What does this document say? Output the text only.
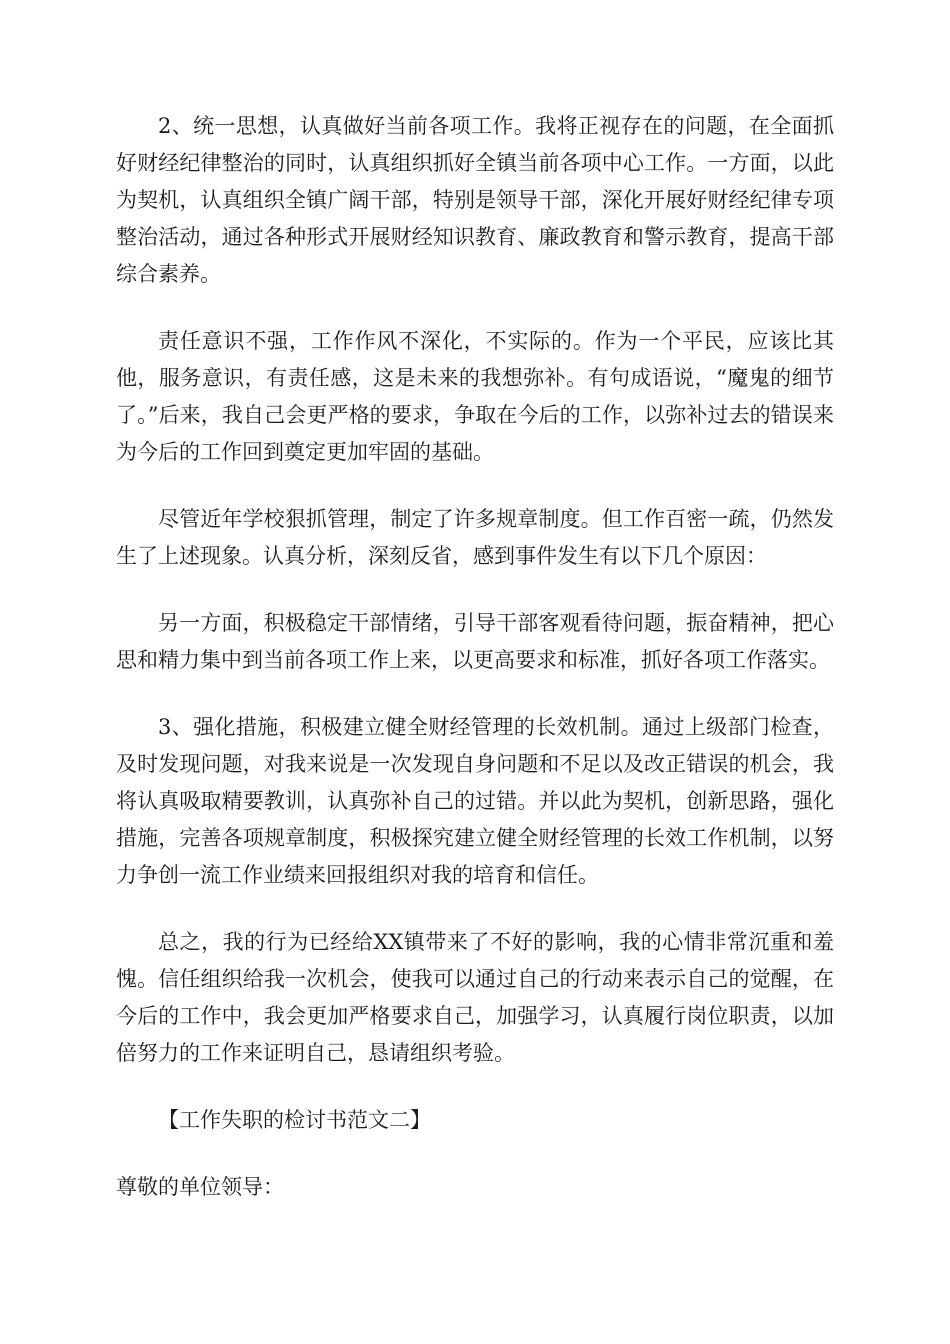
2、统一思想，认真做好当前各项工作。我将正视存在的问题，在全面抓好财经纪律整治的同时，认真组织抓好全镇当前各项中心工作。一方面，以此为契机，认真组织全镇广阔干部，特别是领导干部，深化开展好财经纪律专项整治活动，通过各种形式开展财经知识教育、廉政教育和警示教育，提高干部综合素养。

责任意识不强，工作作风不深化，不实际的。作为一个平民，应该比其他，服务意识，有责任感，这是未来的我想弥补。有句成语说，“魔鬼的细节了。”后来，我自己会更严格的要求，争取在今后的工作，以弥补过去的错误来为今后的工作回到奠定更加牢固的基础。

尽管近年学校狠抓管理，制定了许多规章制度。但工作百密一疏，仍然发生了上述现象。认真分析，深刻反省，感到事件发生有以下几个原因：

另一方面，积极稳定干部情绪，引导干部客观看待问题，振奋精神，把心思和精力集中到当前各项工作上来，以更高要求和标准，抓好各项工作落实。

3、强化措施，积极建立健全财经管理的长效机制。通过上级部门检查，及时发现问题，对我来说是一次发现自身问题和不足以及改正错误的机会，我将认真吸取精要教训，认真弥补自己的过错。并以此为契机，创新思路，强化措施，完善各项规章制度，积极探究建立健全财经管理的长效工作机制，以努力争创一流工作业绩来回报组织对我的培育和信任。

总之，我的行为已经给XX镇带来了不好的影响，我的心情非常沉重和羞愧。信任组织给我一次机会，使我可以通过自己的行动来表示自己的觉醒，在今后的工作中，我会更加严格要求自己，加强学习，认真履行岗位职责，以加倍努力的工作来证明自己，恳请组织考验。

【工作失职的检讨书范文二】

尊敬的单位领导：
